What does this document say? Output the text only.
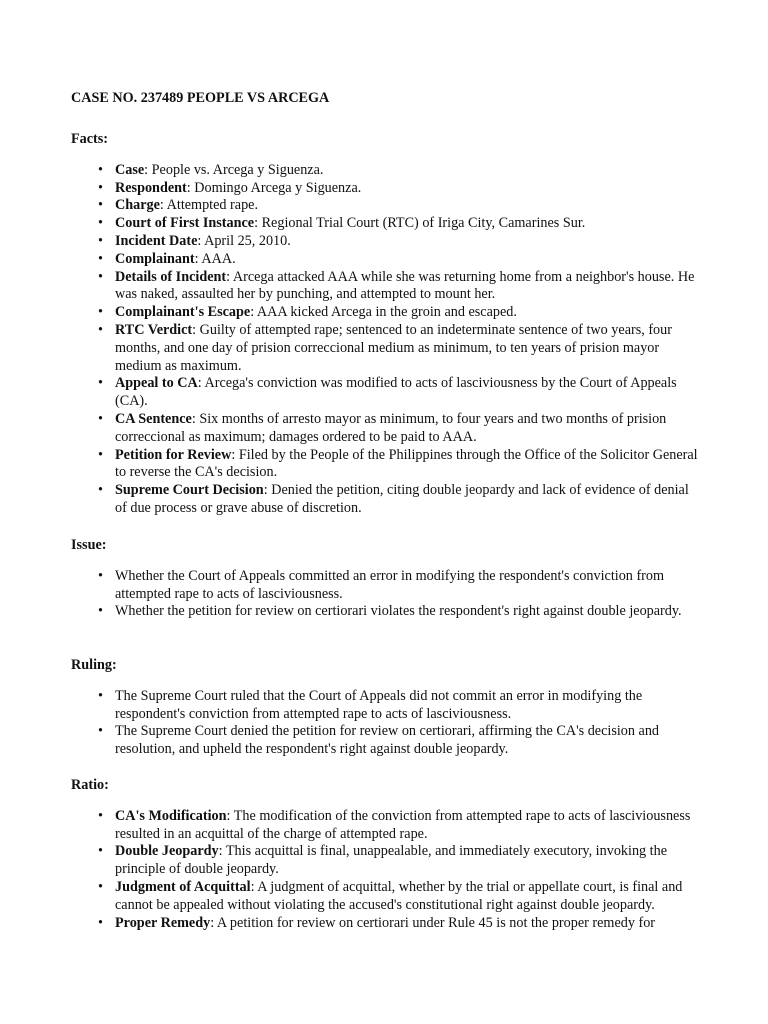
CASE NO. 237489 PEOPLE VS ARCEGA

Facts:
• Case: People vs. Arcega y Siguenza.
• Respondent: Domingo Arcega y Siguenza.
• Charge: Attempted rape.
• Court of First Instance: Regional Trial Court (RTC) of Iriga City, Camarines Sur.
• Incident Date: April 25, 2010.
• Complainant: AAA.
• Details of Incident: Arcega attacked AAA while she was returning home from a neighbor's house. He was naked, assaulted her by punching, and attempted to mount her.
• Complainant's Escape: AAA kicked Arcega in the groin and escaped.
• RTC Verdict: Guilty of attempted rape; sentenced to an indeterminate sentence of two years, four months, and one day of prision correccional medium as minimum, to ten years of prision mayor medium as maximum.
• Appeal to CA: Arcega's conviction was modified to acts of lasciviousness by the Court of Appeals (CA).
• CA Sentence: Six months of arresto mayor as minimum, to four years and two months of prision correccional as maximum; damages ordered to be paid to AAA.
• Petition for Review: Filed by the People of the Philippines through the Office of the Solicitor General to reverse the CA's decision.
• Supreme Court Decision: Denied the petition, citing double jeopardy and lack of evidence of denial of due process or grave abuse of discretion.
Issue:
• Whether the Court of Appeals committed an error in modifying the respondent's conviction from attempted rape to acts of lasciviousness.
• Whether the petition for review on certiorari violates the respondent's right against double jeopardy.
Ruling:
• The Supreme Court ruled that the Court of Appeals did not commit an error in modifying the respondent's conviction from attempted rape to acts of lasciviousness.
• The Supreme Court denied the petition for review on certiorari, affirming the CA's decision and resolution, and upheld the respondent's right against double jeopardy.
Ratio:
• CA's Modification: The modification of the conviction from attempted rape to acts of lasciviousness resulted in an acquittal of the charge of attempted rape.
• Double Jeopardy: This acquittal is final, unappealable, and immediately executory, invoking the principle of double jeopardy.
• Judgment of Acquittal: A judgment of acquittal, whether by the trial or appellate court, is final and cannot be appealed without violating the accused's constitutional right against double jeopardy.
• Proper Remedy: A petition for review on certiorari under Rule 45 is not the proper remedy for
